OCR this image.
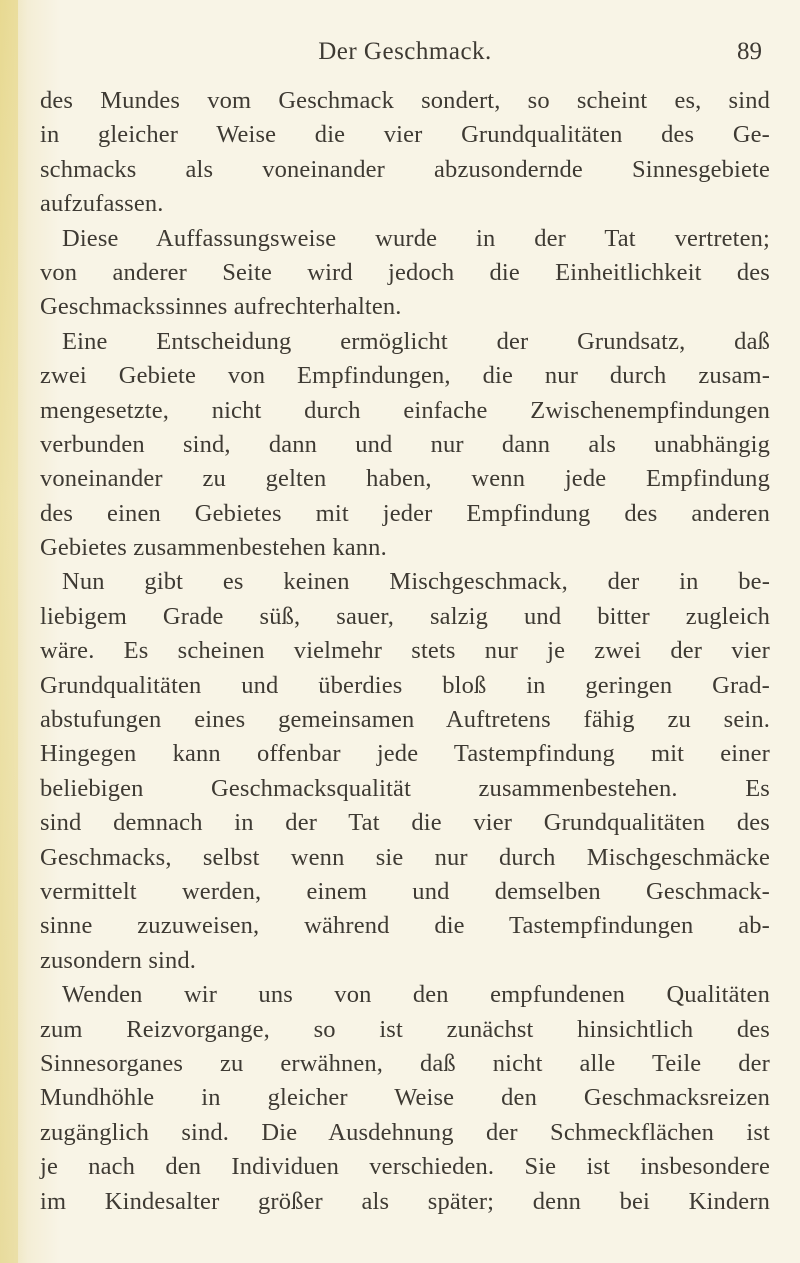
Der Geschmack.	89
des Mundes vom Geschmack sondert, so scheint es, sind
in gleicher Weise die vier Grundqualitäten des Ge-
schmacks als voneinander abzusondernde Sinnesgebiete
aufzufassen.
Diese Auffassungsweise wurde in der Tat vertreten;
von anderer Seite wird jedoch die Einheitlichkeit des
Geschmackssinnes aufrechterhalten.
Eine Entscheidung ermöglicht der Grundsatz, daß
zwei Gebiete von Empfindungen, die nur durch zusam-
mengesetzte, nicht durch einfache Zwischenempfindungen
verbunden sind, dann und nur dann als unabhängig
voneinander zu gelten haben, wenn jede Empfindung
des einen Gebietes mit jeder Empfindung des anderen
Gebietes zusammenbestehen kann.
Nun gibt es keinen Mischgeschmack, der in be-
liebigem Grade süß, sauer, salzig und bitter zugleich
wäre. Es scheinen vielmehr stets nur je zwei der vier
Grundqualitäten und überdies bloß in geringen Grad-
abstufungen eines gemeinsamen Auftretens fähig zu sein.
Hingegen kann offenbar jede Tastempfindung mit einer
beliebigen Geschmacksqualität zusammenbestehen. Es
sind demnach in der Tat die vier Grundqualitäten des
Geschmacks, selbst wenn sie nur durch Mischgeschmäcke
vermittelt werden, einem und demselben Geschmack-
sinne zuzuweisen, während die Tastempfindungen ab-
zusondern sind.
Wenden wir uns von den empfundenen Qualitäten
zum Reizvorgange, so ist zunächst hinsichtlich des
Sinnesorganes zu erwähnen, daß nicht alle Teile der
Mundhöhle in gleicher Weise den Geschmacksreizen
zugänglich sind. Die Ausdehnung der Schmeckflächen ist
je nach den Individuen verschieden. Sie ist insbesondere
im Kindesalter größer als später; denn bei Kindern
